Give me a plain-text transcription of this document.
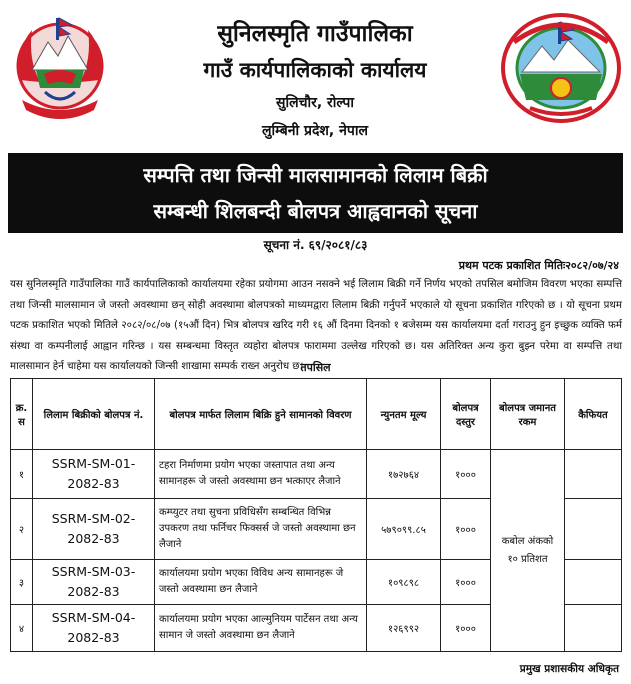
सुनिलस्मृति गाउँपालिका
गाउँ कार्यपालिकाको कार्यालय
सुलिचौर, रोल्पा
लुम्बिनी प्रदेश, नेपाल
सम्पत्ति तथा जिन्सी मालसामानको लिलाम बिक्री
सम्बन्धी शिलबन्दी बोलपत्र आह्ववानको सूचना
सूचना नं. ६९/२०८१/८३
प्रथम पटक प्रकाशित मितिः२०८२/०७/२४
यस सुनिलस्मृति गाउँपालिका गाउँ कार्यपालिकाको कार्यालयमा रहेका प्रयोगमा आउन नसक्ने भई लिलाम बिक्री गर्ने निर्णय भएको तपसिल बमोजिम विवरण भएका सम्पत्ति तथा जिन्सी मालसामान जे जस्तो अवस्थामा छन् सोही अवस्थामा बोलपत्रको माध्यमद्वारा लिलाम बिक्री गर्नुपर्ने भएकाले यो सूचना प्रकाशित गरिएको छ । यो सूचना प्रथम पटक प्रकाशित भएको मितिले २०८२/०८/०७ (१५औं दिन) भित्र बोलपत्र खरिद गरी १६ औं दिनमा दिनको १ बजेसम्म यस कार्यालयमा दर्ता गराउनु हुन इच्छुक व्यक्ति फर्म संस्था वा कम्पनीलाई आह्वान गरिन्छ । यस सम्बन्धमा विस्तृत व्यहोरा बोलपत्र फाराममा उल्लेख गरिएको छ। यस अतिरिक्त अन्य कुरा बुझ्न परेमा वा सम्पत्ति तथा मालसामान हेर्न चाहेमा यस कार्यालयको जिन्सी शाखामा सम्पर्क राख्न अनुरोध छ।
तपसिल
क्र. स	लिलाम बिक्रीको बोलपत्र नं.	बोलपत्र मार्फत लिलाम बिक्रि हुने सामानको विवरण	न्युनतम मूल्य	बोलपत्र दस्तुर	बोलपत्र जमानत रकम	कैफियत
१	SSRM-SM-01-2082-83	टहरा निर्माणमा प्रयोग भएका जस्तापात तथा अन्य सामानहरू जे जस्तो अवस्थामा छन भत्काएर लैजाने	१७२७६४	१०००	कबोल अंकको १० प्रतिशत	
२	SSRM-SM-02-2082-83	कम्प्युटर तथा सुचना प्रविधिसँग सम्बन्धित विभिन्न उपकरण तथा फर्निचर फिक्सर्स जे जस्तो अवस्थामा छन लैजाने	५७९०९९.८५	१०००		
३	SSRM-SM-03-2082-83	कार्यालयमा प्रयोग भएका विविध अन्य सामानहरू जे जस्तो अवस्थामा छन लैजाने	१०९८९८	१०००		
४	SSRM-SM-04-2082-83	कार्यालयमा प्रयोग भएका आल्मुनियम पार्टेसन तथा अन्य सामान जे जस्तो अवस्थामा छन लैजाने	१२६९९२	१०००		
प्रमुख प्रशासकीय अधिकृत
